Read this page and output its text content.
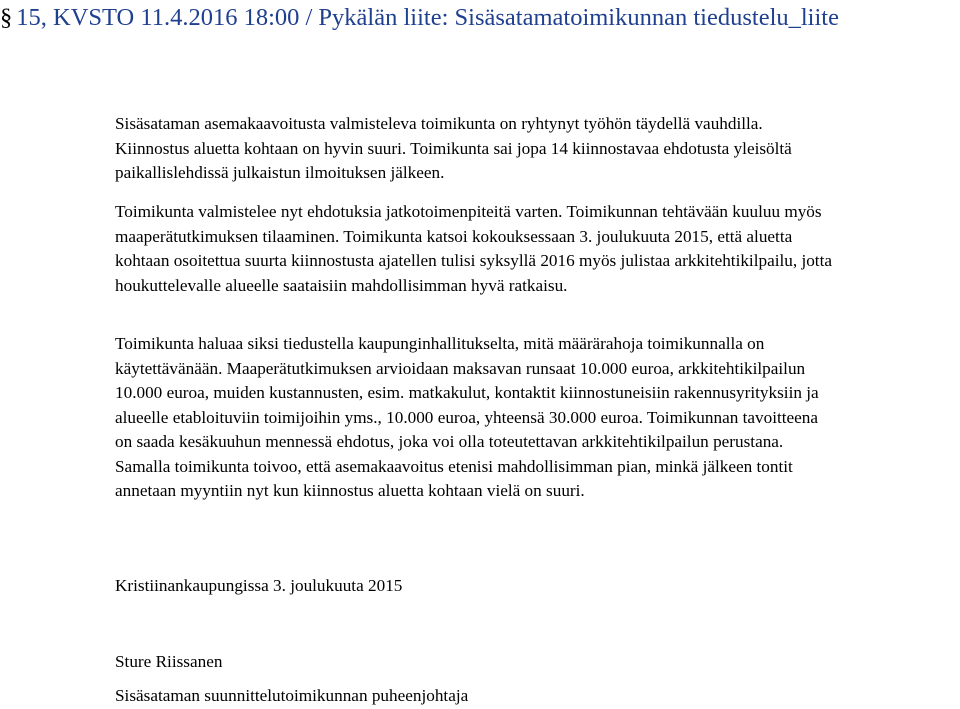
§ 15, KVSTO 11.4.2016 18:00 / Pykälän liite: Sisäsatamatoimikunnan tiedustelu_liite

Sisäsataman asemakaavoitusta valmisteleva toimikunta on ryhtynyt työhön täydellä vauhdilla. Kiinnostus aluetta kohtaan on hyvin suuri. Toimikunta sai jopa 14 kiinnostavaa ehdotusta yleisöltä paikallislehdissä julkaistun ilmoituksen jälkeen.

Toimikunta valmistelee nyt ehdotuksia jatkotoimenpiteitä varten. Toimikunnan tehtävään kuuluu myös maaperätutkimuksen tilaaminen. Toimikunta katsoi kokouksessaan 3. joulukuuta 2015, että aluetta kohtaan osoitettua suurta kiinnostusta ajatellen tulisi syksyllä 2016 myös julistaa arkkitehtikilpailu, jotta houkuttelevalle alueelle saataisiin mahdollisimman hyvä ratkaisu.

Toimikunta haluaa siksi tiedustella kaupunginhallitukselta, mitä määrärahoja toimikunnalla on käytettävänään. Maaperätutkimuksen arvioidaan maksavan runsaat 10.000 euroa, arkkitehtikilpailun 10.000 euroa, muiden kustannusten, esim. matkakulut, kontaktit kiinnostuneisiin rakennusyrityksiin ja alueelle etabloituviin toimijoihin yms., 10.000 euroa, yhteensä 30.000 euroa. Toimikunnan tavoitteena on saada kesäkuuhun mennessä ehdotus, joka voi olla toteutettavan arkkitehtikilpailun perustana. Samalla toimikunta toivoo, että asemakaavoitus etenisi mahdollisimman pian, minkä jälkeen tontit annetaan myyntiin nyt kun kiinnostus aluetta kohtaan vielä on suuri.

Kristiinankaupungissa 3. joulukuuta 2015

Sture Riissanen

Sisäsataman suunnittelutoimikunnan puheenjohtaja
